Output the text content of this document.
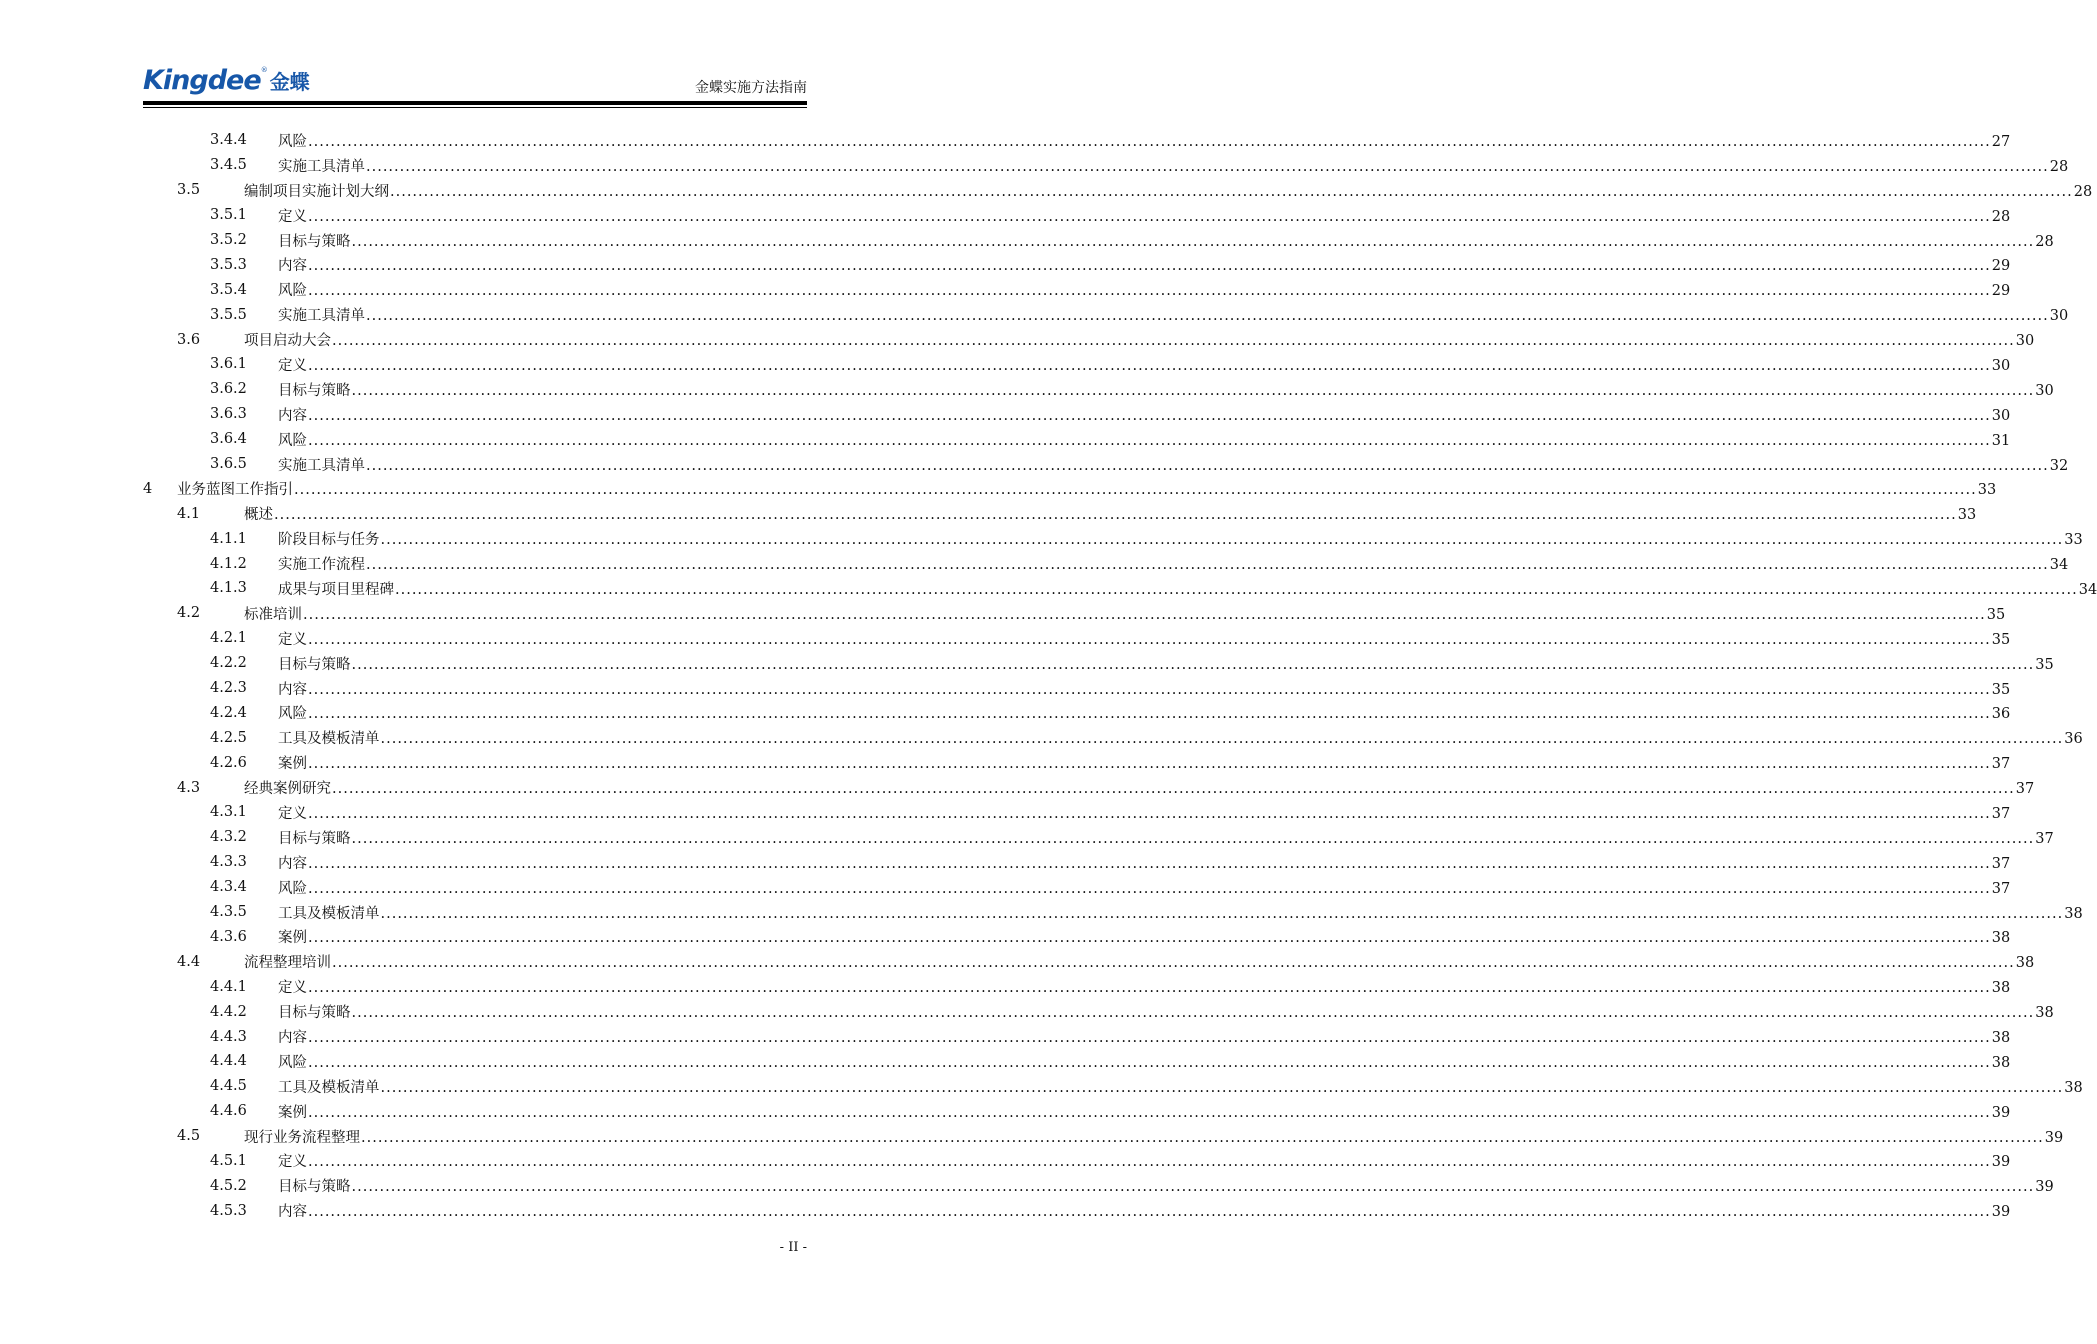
Kingdee ® 金蝶	金蝶实施方法指南
3.4.4 风险 ............................................................................................................................................................................................................................................................................................................ 27
3.4.5 实施工具清单 ............................................................................................................................................................................................................................................................................................................ 28
3.5	编制项目实施计划大纲 ............................................................................................................................................................................................................................................................................................................ 28
3.5.1 定义 ............................................................................................................................................................................................................................................................................................................ 28
3.5.2 目标与策略 ............................................................................................................................................................................................................................................................................................................ 28
3.5.3 内容 ............................................................................................................................................................................................................................................................................................................ 29
3.5.4 风险 ............................................................................................................................................................................................................................................................................................................ 29
3.5.5 实施工具清单 ............................................................................................................................................................................................................................................................................................................ 30
3.6	项目启动大会 ............................................................................................................................................................................................................................................................................................................ 30
3.6.1 定义 ............................................................................................................................................................................................................................................................................................................ 30
3.6.2 目标与策略 ............................................................................................................................................................................................................................................................................................................ 30
3.6.3 内容 ............................................................................................................................................................................................................................................................................................................ 30
3.6.4 风险 ............................................................................................................................................................................................................................................................................................................ 31
3.6.5 实施工具清单 ............................................................................................................................................................................................................................................................................................................ 32
4 业务蓝图工作指引 ............................................................................................................................................................................................................................................................................................................ 33
4.1	概述 ............................................................................................................................................................................................................................................................................................................ 33
4.1.1 阶段目标与任务 ............................................................................................................................................................................................................................................................................................................ 33
4.1.2 实施工作流程 ............................................................................................................................................................................................................................................................................................................ 34
4.1.3 成果与项目里程碑 ............................................................................................................................................................................................................................................................................................................ 34
4.2	标准培训 ............................................................................................................................................................................................................................................................................................................ 35
4.2.1 定义 ............................................................................................................................................................................................................................................................................................................ 35
4.2.2 目标与策略 ............................................................................................................................................................................................................................................................................................................ 35
4.2.3 内容 ............................................................................................................................................................................................................................................................................................................ 35
4.2.4 风险 ............................................................................................................................................................................................................................................................................................................ 36
4.2.5 工具及模板清单 ............................................................................................................................................................................................................................................................................................................ 36
4.2.6 案例 ............................................................................................................................................................................................................................................................................................................ 37
4.3	经典案例研究 ............................................................................................................................................................................................................................................................................................................ 37
4.3.1 定义 ............................................................................................................................................................................................................................................................................................................ 37
4.3.2 目标与策略 ............................................................................................................................................................................................................................................................................................................ 37
4.3.3 内容 ............................................................................................................................................................................................................................................................................................................ 37
4.3.4 风险 ............................................................................................................................................................................................................................................................................................................ 37
4.3.5 工具及模板清单 ............................................................................................................................................................................................................................................................................................................ 38
4.3.6 案例 ............................................................................................................................................................................................................................................................................................................ 38
4.4	流程整理培训 ............................................................................................................................................................................................................................................................................................................ 38
4.4.1 定义 ............................................................................................................................................................................................................................................................................................................ 38
4.4.2 目标与策略 ............................................................................................................................................................................................................................................................................................................ 38
4.4.3 内容 ............................................................................................................................................................................................................................................................................................................ 38
4.4.4 风险 ............................................................................................................................................................................................................................................................................................................ 38
4.4.5 工具及模板清单 ............................................................................................................................................................................................................................................................................................................ 38
4.4.6 案例 ............................................................................................................................................................................................................................................................................................................ 39
4.5	现行业务流程整理 ............................................................................................................................................................................................................................................................................................................ 39
4.5.1 定义 ............................................................................................................................................................................................................................................................................................................ 39
4.5.2 目标与策略 ............................................................................................................................................................................................................................................................................................................ 39
4.5.3 内容 ............................................................................................................................................................................................................................................................................................................ 39
- II -
